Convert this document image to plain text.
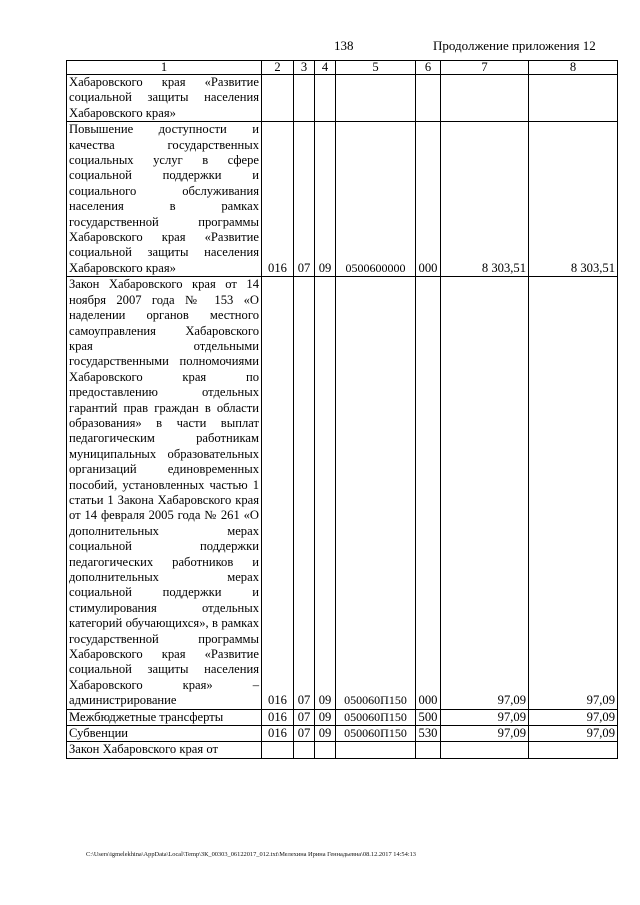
138	Продолжение приложения 12
1	2	3	4	5	6	7	8
Хабаровского края «Развитие социальной защиты населения Хабаровского края»							
Повышение доступности и качества государственных социальных услуг в сфере социальной поддержки и социального обслуживания населения в рамках государственной программы Хабаровского края «Развитие социальной защиты населения Хабаровского края»	016	07	09	0500600000	000	8 303,51	8 303,51
Закон Хабаровского края от 14 ноября 2007 года № 153 «О наделении органов местного самоуправления Хабаровского края отдельными государственными полномочиями Хабаровского края по предоставлению отдельных гарантий прав граждан в области образования» в части выплат педагогическим работникам муниципальных образовательных организаций единовременных пособий, установленных частью 1 статьи 1 Закона Хабаровского края от 14 февраля 2005 года № 261 «О дополнительных мерах социальной поддержки педагогических работников и дополнительных мерах социальной поддержки и стимулирования отдельных категорий обучающихся», в рамках государственной программы Хабаровского края «Развитие социальной защиты населения Хабаровского края» – администрирование	016	07	09	050060П150	000	97,09	97,09
Межбюджетные трансферты	016	07	09	050060П150	500	97,09	97,09
Субвенции	016	07	09	050060П150	530	97,09	97,09
Закон Хабаровского края от							
C:\Users\igmelekhina\AppData\Local\Temp\ЗК_00303_06122017_012.txt\Мелехина Ирина Геннадьевна\08.12.2017 14:54:13
